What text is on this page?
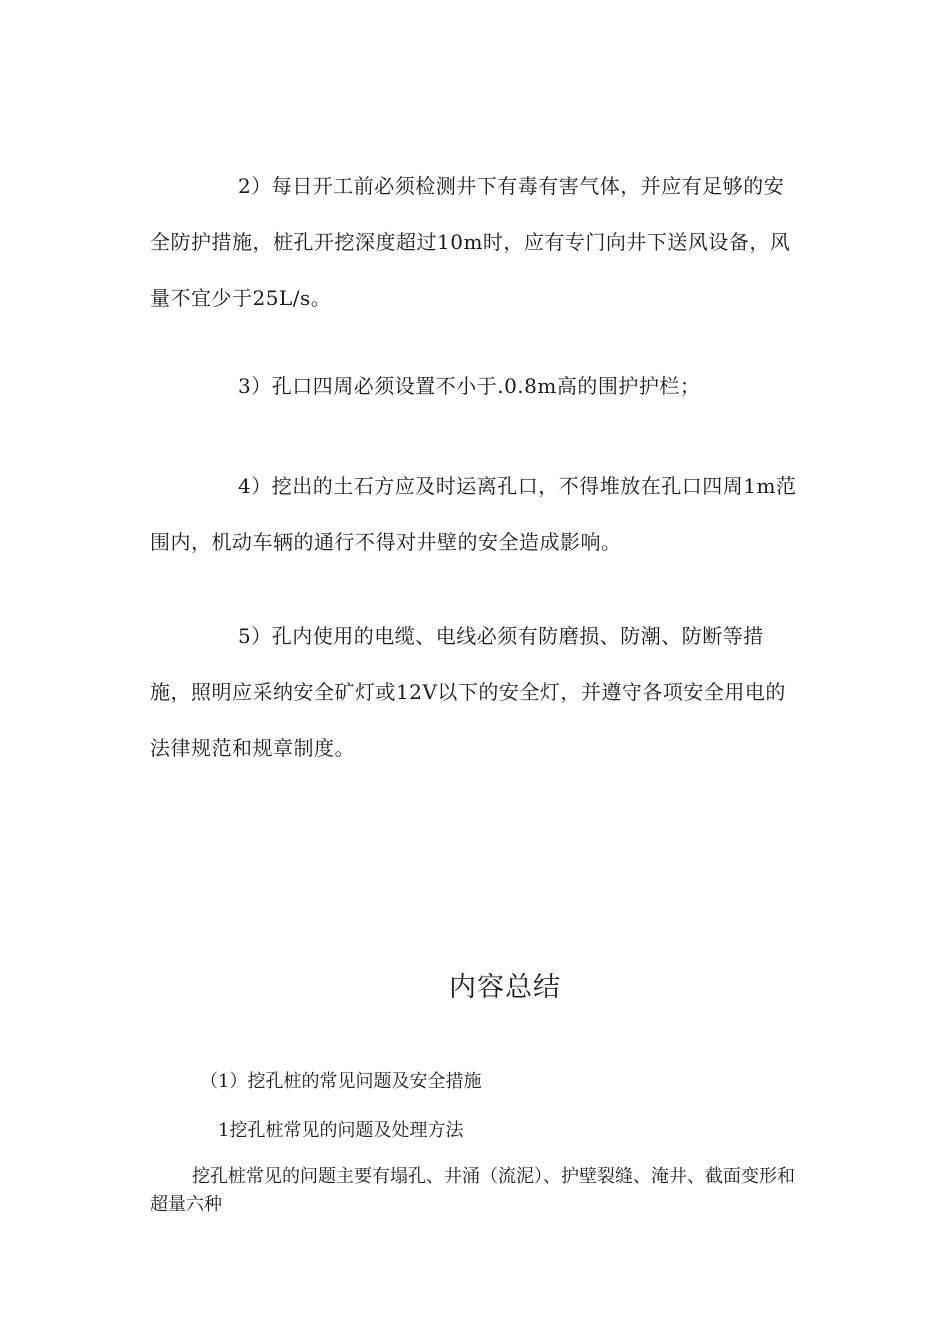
2）每日开工前必须检测井下有毒有害气体，并应有足够的安全防护措施，桩孔开挖深度超过10m时，应有专门向井下送风设备，风量不宜少于25L/s。

3）孔口四周必须设置不小于.0.8m高的围护护栏；

4）挖出的土石方应及时运离孔口，不得堆放在孔口四周1m范围内，机动车辆的通行不得对井壁的安全造成影响。

5）孔内使用的电缆、电线必须有防磨损、防潮、防断等措施，照明应采纳安全矿灯或12V以下的安全灯，并遵守各项安全用电的法律规范和规章制度。

内容总结

（1）挖孔桩的常见问题及安全措施

1挖孔桩常见的问题及处理方法

挖孔桩常见的问题主要有塌孔、井涌（流泥）、护壁裂缝、淹井、截面变形和超量六种
